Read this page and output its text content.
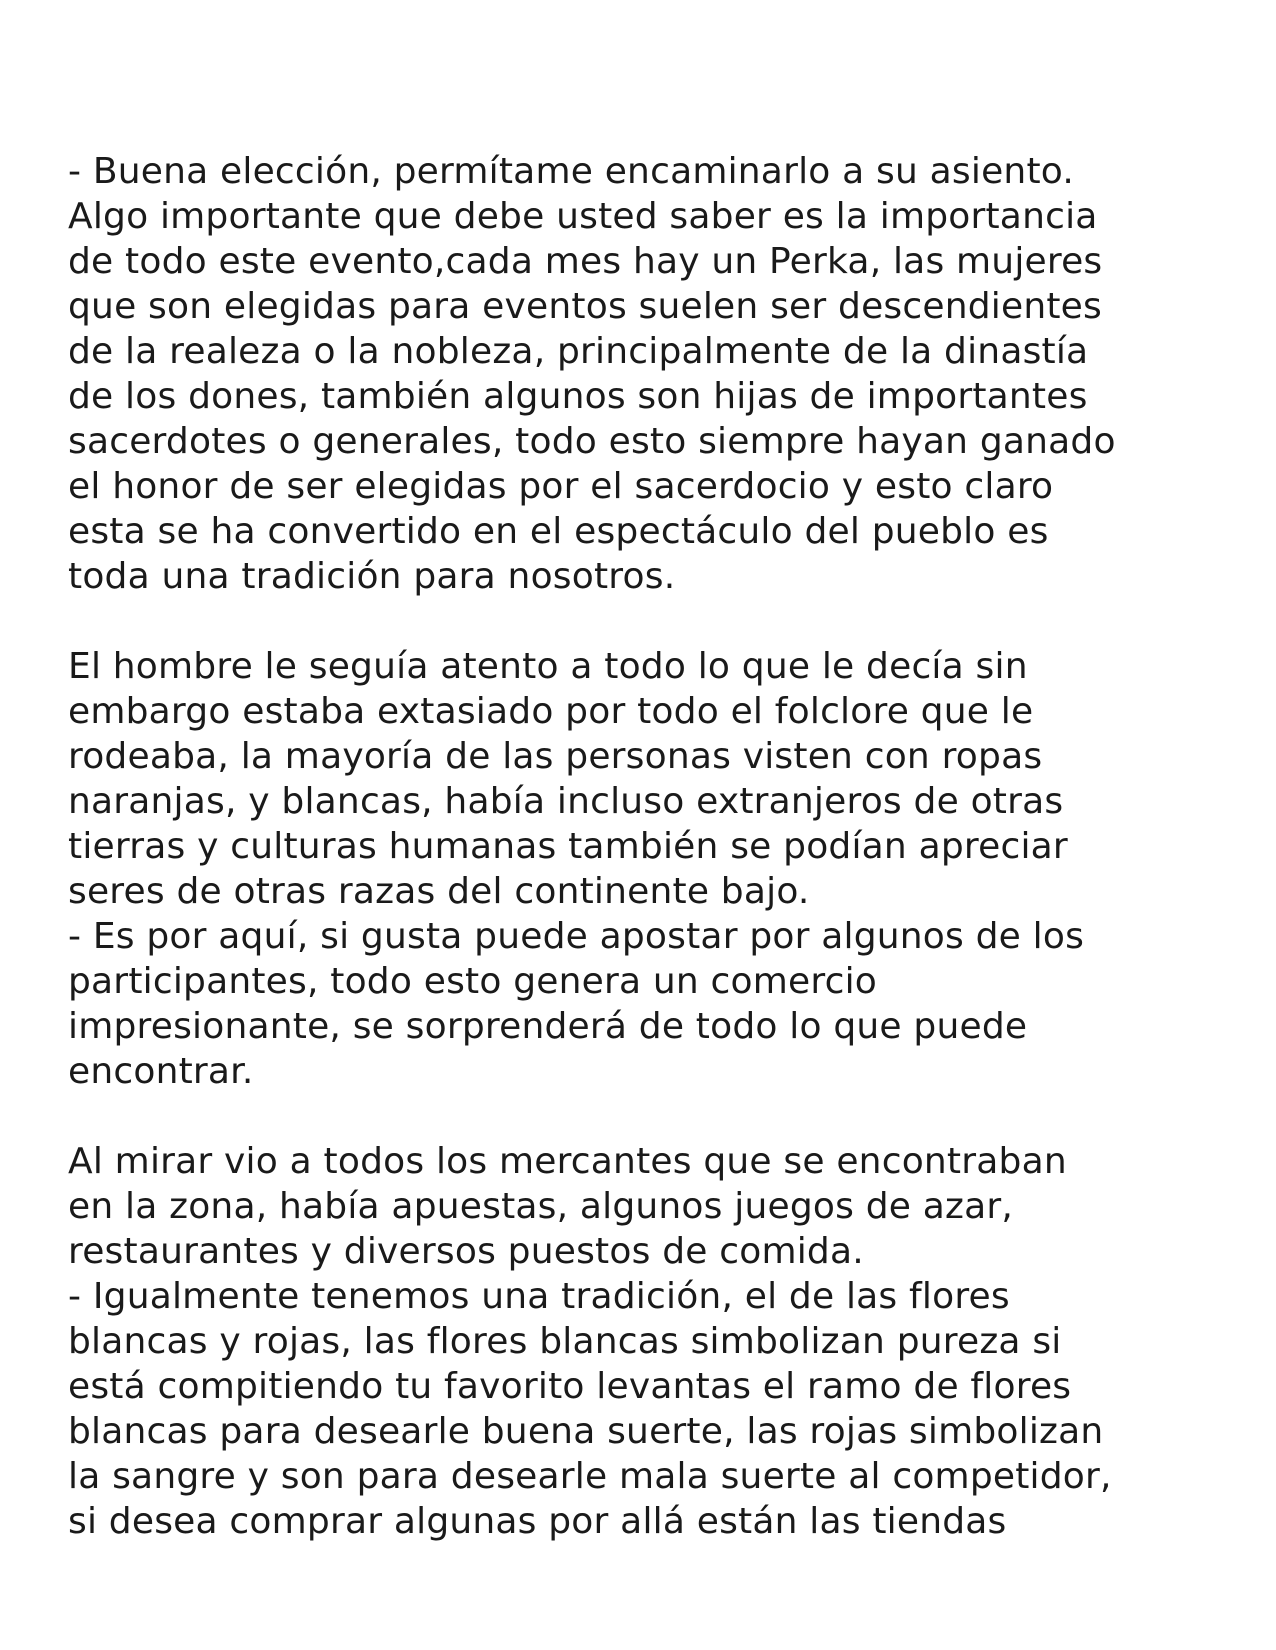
- Buena elección, permítame encaminarlo a su asiento.
Algo importante que debe usted saber es la importancia
de todo este evento,cada mes hay un Perka, las mujeres
que son elegidas para eventos suelen ser descendientes
de la realeza o la nobleza, principalmente de la dinastía
de los dones, también algunos son hijas de importantes
sacerdotes o generales, todo esto siempre hayan ganado
el honor de ser elegidas por el sacerdocio y esto claro
esta se ha convertido en el espectáculo del pueblo es
toda una tradición para nosotros.

El hombre le seguía atento a todo lo que le decía sin
embargo estaba extasiado por todo el folclore que le
rodeaba, la mayoría de las personas visten con ropas
naranjas, y blancas, había incluso extranjeros de otras
tierras y culturas humanas también se podían apreciar
seres de otras razas del continente bajo.
- Es por aquí, si gusta puede apostar por algunos de los
participantes, todo esto genera un comercio
impresionante, se sorprenderá de todo lo que puede
encontrar.

Al mirar vio a todos los mercantes que se encontraban
en la zona, había apuestas, algunos juegos de azar,
restaurantes y diversos puestos de comida.
- Igualmente tenemos una tradición, el de las flores
blancas y rojas, las flores blancas simbolizan pureza si
está compitiendo tu favorito levantas el ramo de flores
blancas para desearle buena suerte, las rojas simbolizan
la sangre y son para desearle mala suerte al competidor,
si desea comprar algunas por allá están las tiendas
